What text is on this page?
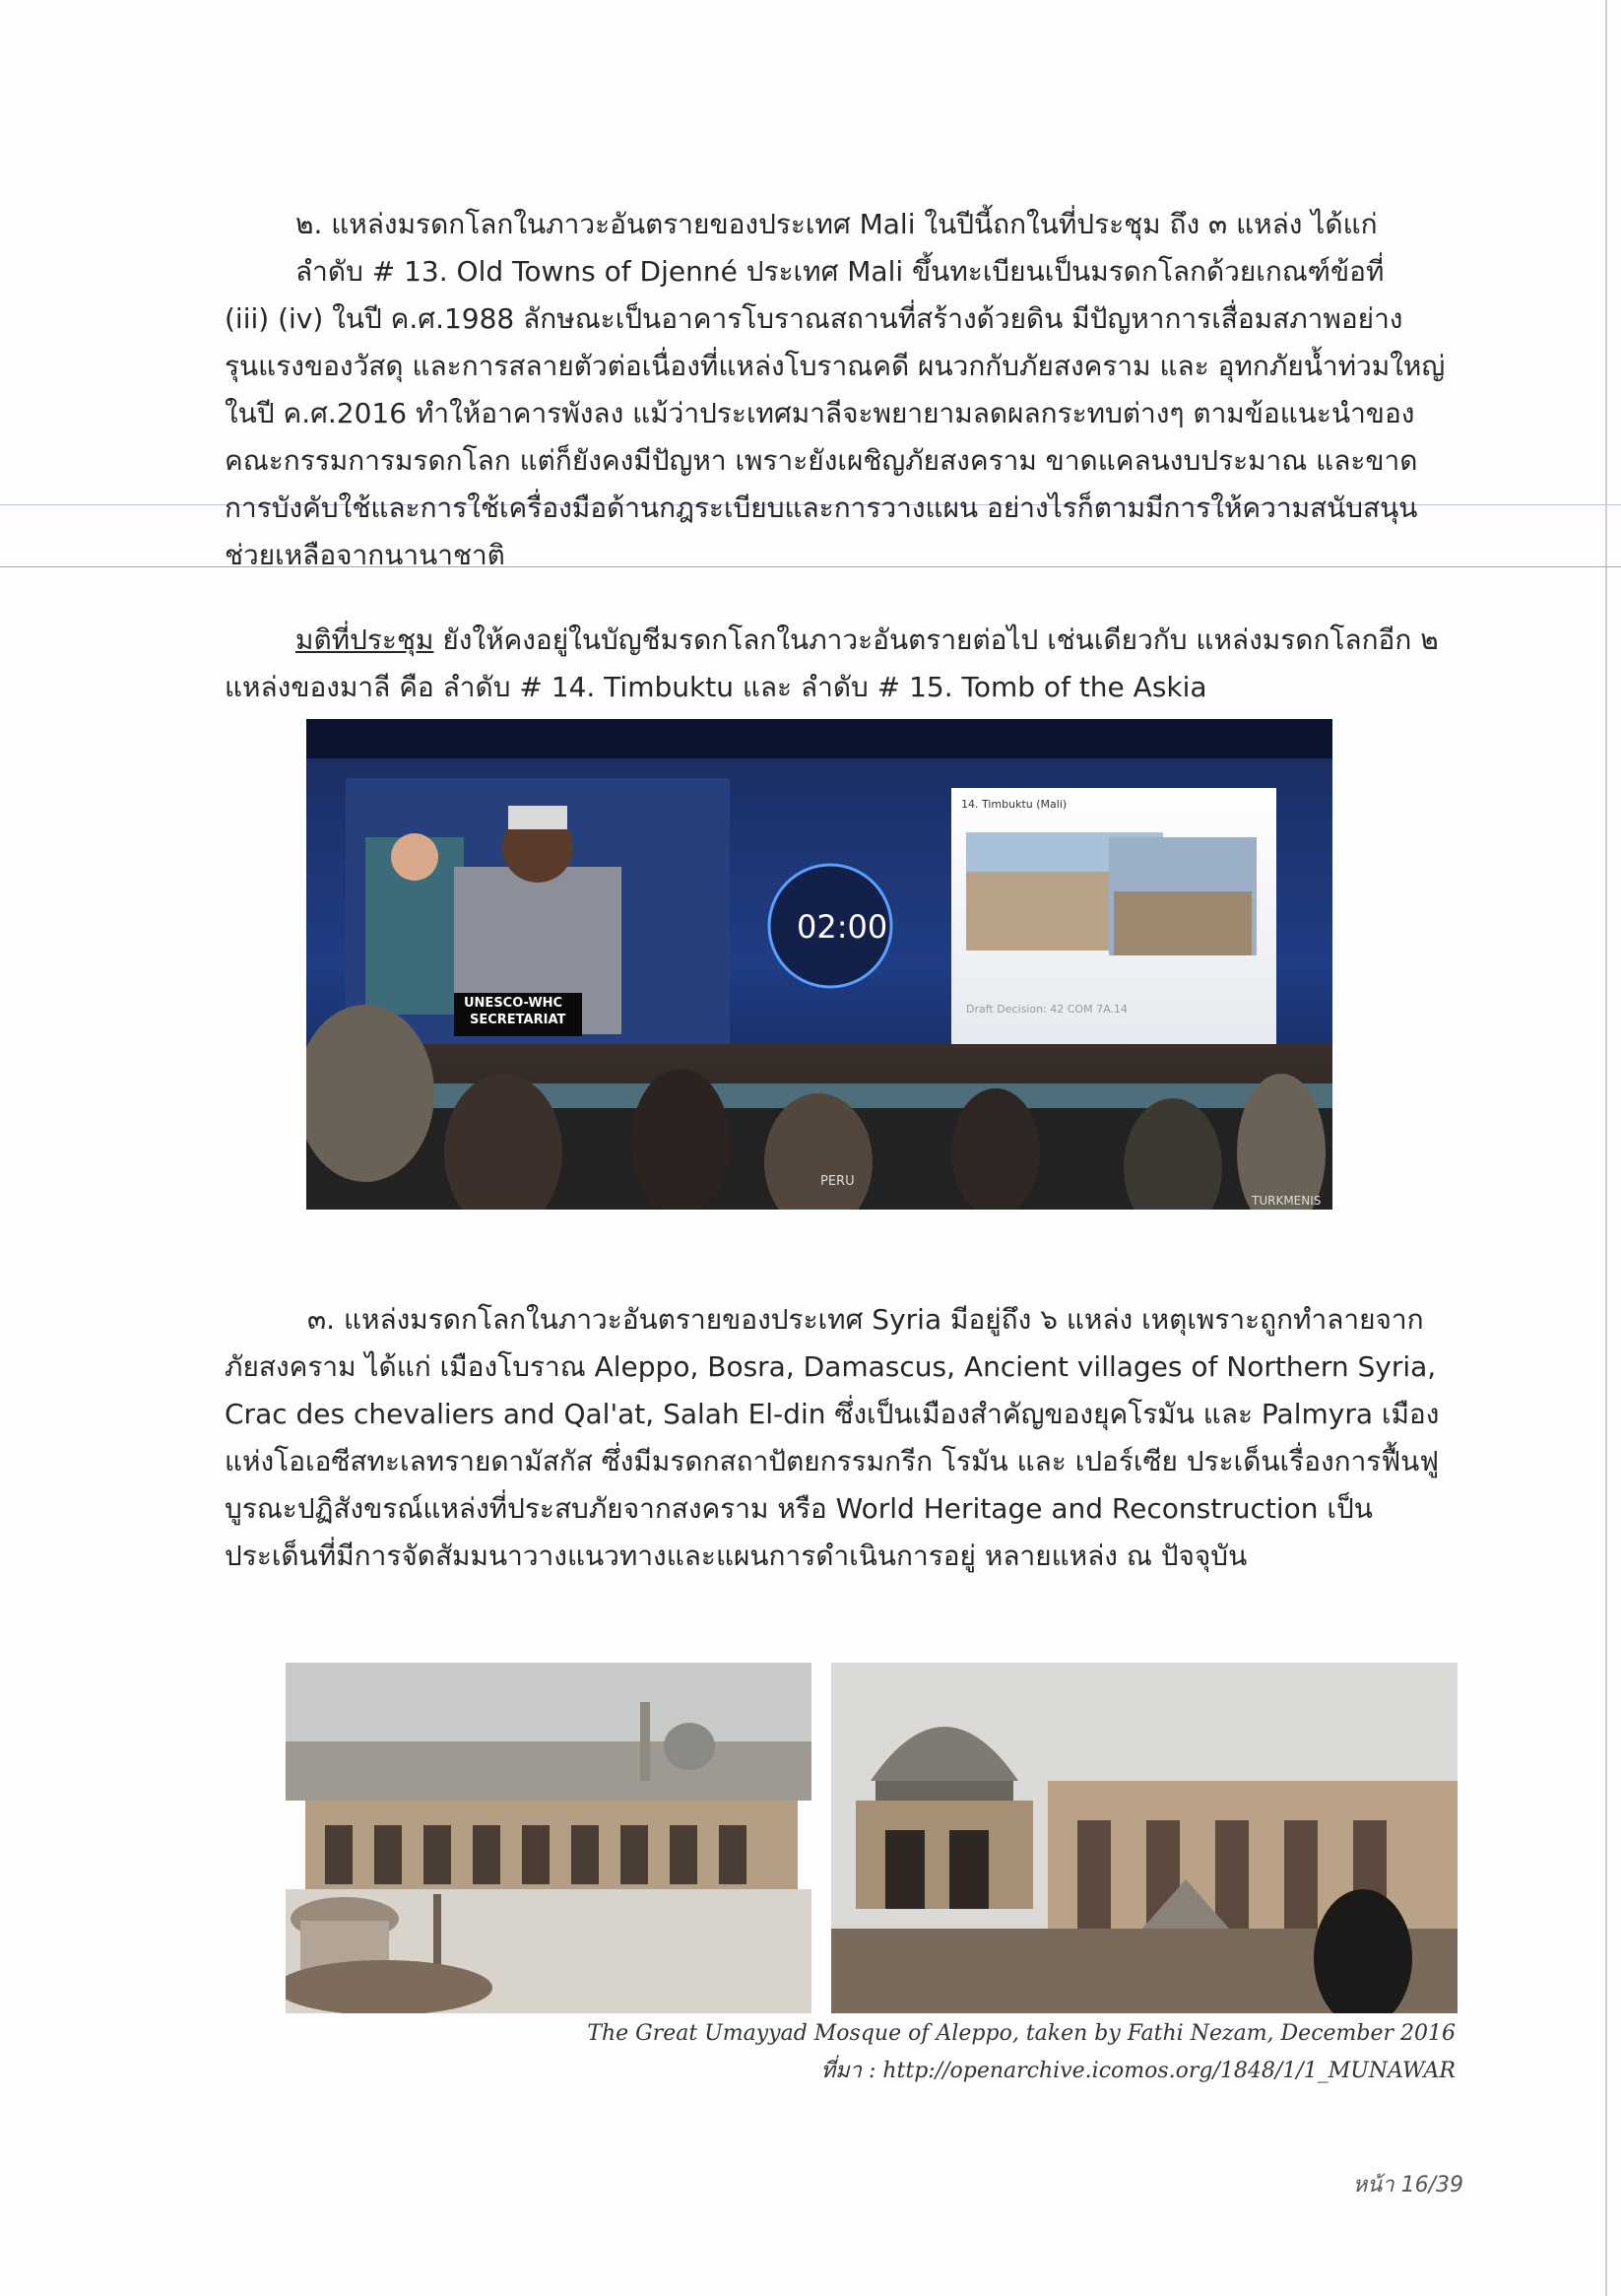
๒. แหล่งมรดกโลกในภาวะอันตรายของประเทศ Mali ในปีนี้ถกในที่ประชุม ถึง ๓ แหล่ง ได้แก่
ลำดับ # 13. Old Towns of Djenné ประเทศ Mali ขึ้นทะเบียนเป็นมรดกโลกด้วยเกณฑ์ข้อที่
(iii) (iv) ในปี ค.ศ.1988 ลักษณะเป็นอาคารโบราณสถานที่สร้างด้วยดิน มีปัญหาการเสื่อมสภาพอย่าง
รุนแรงของวัสดุ และการสลายตัวต่อเนื่องที่แหล่งโบราณคดี ผนวกกับภัยสงคราม และ อุทกภัยน้ำท่วมใหญ่
ในปี ค.ศ.2016 ทำให้อาคารพังลง แม้ว่าประเทศมาลีจะพยายามลดผลกระทบต่างๆ ตามข้อแนะนำของ
คณะกรรมการมรดกโลก แต่ก็ยังคงมีปัญหา เพราะยังเผชิญภัยสงคราม ขาดแคลนงบประมาณ และขาด
การบังคับใช้และการใช้เครื่องมือด้านกฎระเบียบและการวางแผน อย่างไรก็ตามมีการให้ความสนับสนุน
ช่วยเหลือจากนานาชาติ
มติที่ประชุม ยังให้คงอยู่ในบัญชีมรดกโลกในภาวะอันตรายต่อไป เช่นเดียวกับ แหล่งมรดกโลกอีก ๒
แหล่งของมาลี คือ ลำดับ # 14. Timbuktu และ ลำดับ # 15. Tomb of the Askia
02:00
UNESCO-WHC
SECRETARIAT
14. Timbuktu (Mali)
Draft Decision: 42 COM 7A.14
PERU
TURKMENIS
๓. แหล่งมรดกโลกในภาวะอันตรายของประเทศ Syria มีอยู่ถึง ๖ แหล่ง เหตุเพราะถูกทำลายจาก
ภัยสงคราม ได้แก่ เมืองโบราณ Aleppo, Bosra, Damascus, Ancient villages of Northern Syria,
Crac des chevaliers and Qal'at, Salah El-din ซึ่งเป็นเมืองสำคัญของยุคโรมัน และ Palmyra เมือง
แห่งโอเอซีสทะเลทรายดามัสกัส ซึ่งมีมรดกสถาปัตยกรรมกรีก โรมัน และ เปอร์เซีย ประเด็นเรื่องการฟื้นฟู
บูรณะปฏิสังขรณ์แหล่งที่ประสบภัยจากสงคราม หรือ World Heritage and Reconstruction เป็น
ประเด็นที่มีการจัดสัมมนาวางแนวทางและแผนการดำเนินการอยู่ หลายแหล่ง ณ ปัจจุบัน
The Great Umayyad Mosque of Aleppo, taken by Fathi Nezam, December 2016
ที่มา : http://openarchive.icomos.org/1848/1/1_MUNAWAR
หน้า 16/39
